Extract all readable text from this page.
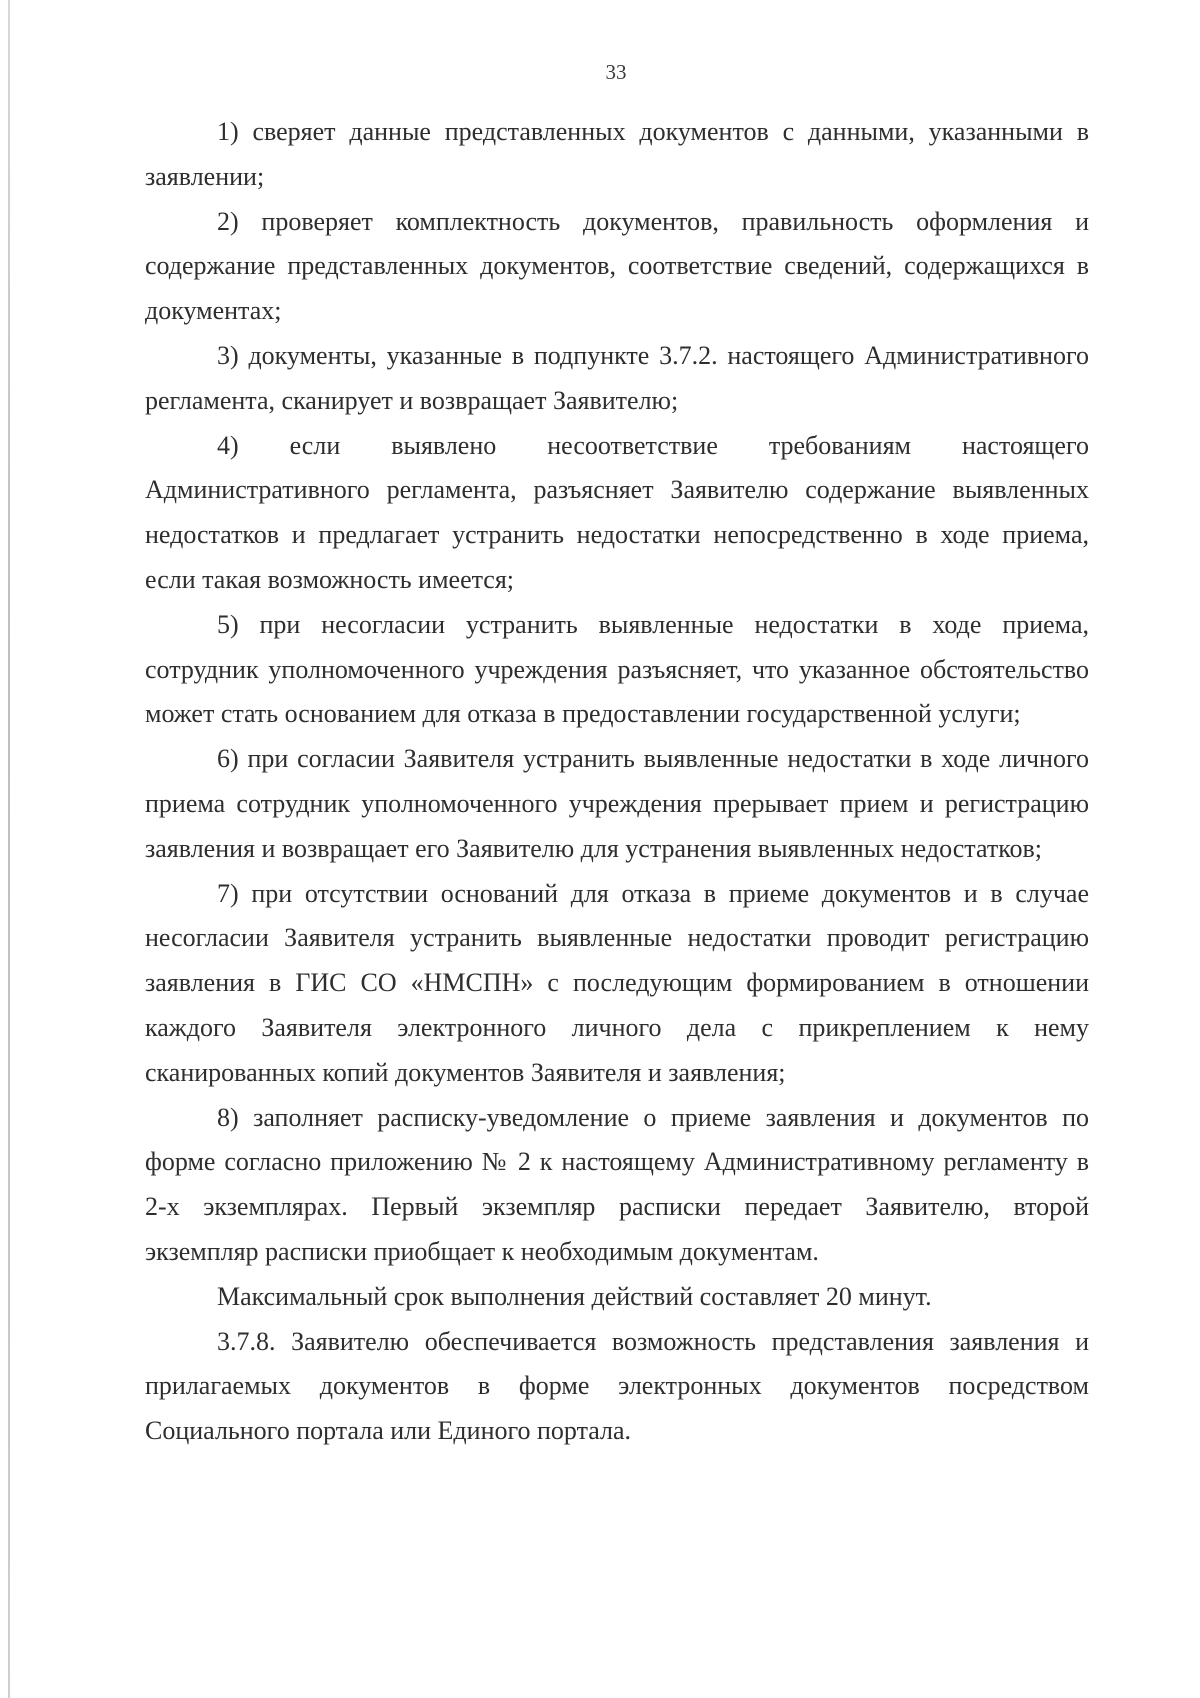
33

1) сверяет данные представленных документов с данными, указанными в заявлении;

2) проверяет комплектность документов, правильность оформления и содержание представленных документов, соответствие сведений, содержащихся в документах;

3) документы, указанные в подпункте 3.7.2. настоящего Административного регламента, сканирует и возвращает Заявителю;

4) если выявлено несоответствие требованиям настоящего Административного регламента, разъясняет Заявителю содержание выявленных недостатков и предлагает устранить недостатки непосредственно в ходе приема, если такая возможность имеется;

5) при несогласии устранить выявленные недостатки в ходе приема, сотрудник уполномоченного учреждения разъясняет, что указанное обстоятельство может стать основанием для отказа в предоставлении государственной услуги;

6) при согласии Заявителя устранить выявленные недостатки в ходе личного приема сотрудник уполномоченного учреждения прерывает прием и регистрацию заявления и возвращает его Заявителю для устранения выявленных недостатков;

7) при отсутствии оснований для отказа в приеме документов и в случае несогласии Заявителя устранить выявленные недостатки проводит регистрацию заявления в ГИС СО «НМСПН» с последующим формированием в отношении каждого Заявителя электронного личного дела с прикреплением к нему сканированных копий документов Заявителя и заявления;

8) заполняет расписку-уведомление о приеме заявления и документов по форме согласно приложению № 2 к настоящему Административному регламенту в 2-х экземплярах. Первый экземпляр расписки передает Заявителю, второй экземпляр расписки приобщает к необходимым документам.

Максимальный срок выполнения действий составляет 20 минут.

3.7.8. Заявителю обеспечивается возможность представления заявления и прилагаемых документов в форме электронных документов посредством Социального портала или Единого портала.
